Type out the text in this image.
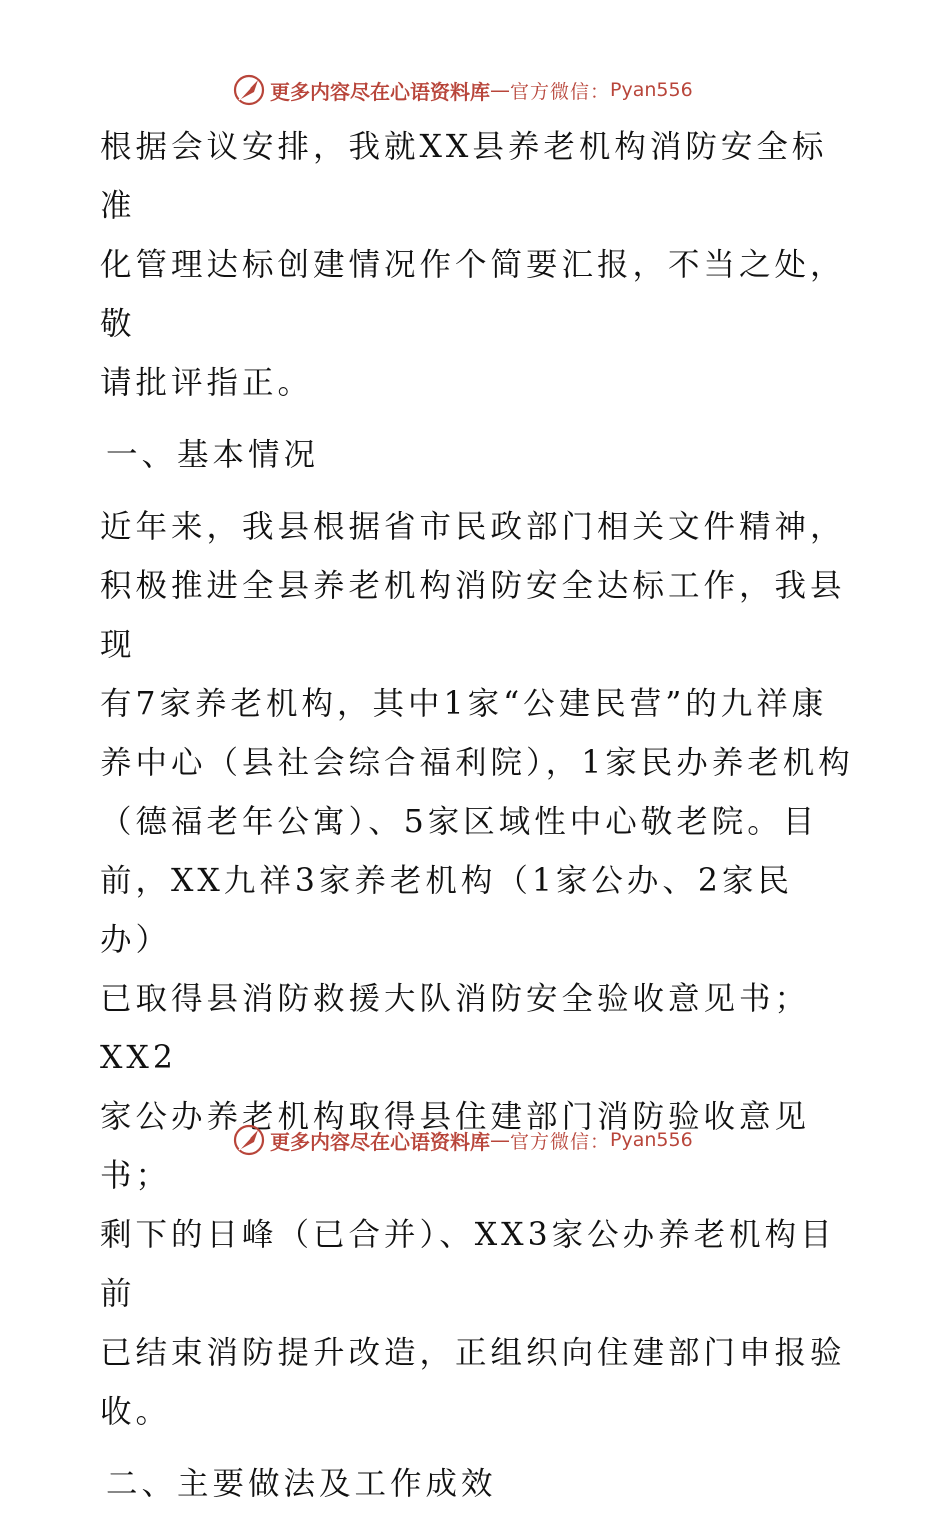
更多内容尽在心语资料库 — 官方微信： Pyan556

根据会议安排，我就XX县养老机构消防安全标准
化管理达标创建情况作个简要汇报，不当之处，敬
请批评指正。

一、基本情况

近年来，我县根据省市民政部门相关文件精神，
积极推进全县养老机构消防安全达标工作，我县现
有7家养老机构，其中1家“公建民营”的九祥康
养中心（县社会综合福利院），1家民办养老机构
（德福老年公寓）、5家区域性中心敬老院。目
前，XX九祥3家养老机构（1家公办、2家民办）
已取得县消防救援大队消防安全验收意见书；XX2
家公办养老机构取得县住建部门消防验收意见书；
剩下的日峰（已合并）、XX3家公办养老机构目前
已结束消防提升改造，正组织向住建部门申报验
收。

二、主要做法及工作成效

更多内容尽在心语资料库 — 官方微信： Pyan556
